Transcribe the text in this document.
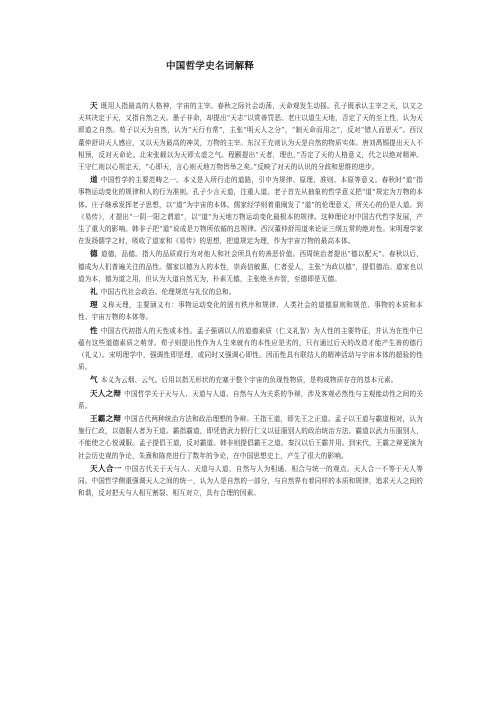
中国哲学史名词解释

天 既用人指最高的人格神，宇宙的主宰。春秋之际社会动荡，天命观发生动摇。孔子既承认主宰之天，以文之天其决定于天，又指自然之天。墨子非命，却提出“天志”以赏善罚恶。老庄以道生天地，否定了天的至上性，认为天即道之自然。荀子以天为自然，认为“天行有常”，主张“明天人之分”，“制天命而用之”，反对“错人而思天”。西汉董仲舒讲天人感应，又以天为最高的神灵，万物的主宰。东汉王充则认为天是自然的物质实体。唐刘禹锡提出天人不相预，反对天命论。北宋张载以为天即太虚之气。程颢提出“天者，理也，”否定了天的人格意义，代之以绝对精神。王守仁则以心规定天，“心即天，言心则天地万物皆举之矣。”反映了对天的认识的分歧和思维的进步。

道 中国哲学的主要范畴之一。本义是人所行走的道路，引申为规律、原理、准则、本原等意义。春秋时“道”指事物运动变化的规律和人的行为准则。孔子少言天道，注重人道。老子首先从抽象的哲学意义把“道”规定为万物的本体。庄子继承发挥老子思想，以“道”为宇宙的本体。儒家经学则着重阐发了“道”的伦理意义，所关心的仍是人道。到《易传》，才提出“一阴一阳之谓道”，以“道”为天地万物运动变化最根本的规律。这种理论对中国古代哲学发展，产生了重大的影响。韩非子把“道”说成是万物所依循的总规律。西汉董仲舒用道来论证三纲五常的绝对性。宋明理学家在发扬儒学之时，吸收了道家和《易传》的思想，把道规定为理，作为宇宙万物的最高本体。

德 道德，品德。指人的品质或行为对他人和社会所具有的善恶价值。西周统治者提出“德以配天”。春秋以后，德成为人们普遍关注的品性。儒家以德为人的本性，崇尚信敏惠，仁者爱人，主张“为政以德”，提倡德治。道家也以道为本，德为道之用，但认为大道自然无为，朴素无德，主张绝圣弃智，至德即是无德。

礼 中国古代社会政治、伦理规范与礼仪的总和。

理 义称天理，主要涵义有：事物运动变化的固有秩序和规律、人类社会的道德原则和规范、事物的本质和本性、宇宙万物的本体等。

性 中国古代初指人的天性或本性。孟子强调以人的道德素质（仁义礼智）为人性的主要特征，并认为在性中已蕴有这些道德素质之萌芽。荀子则提出性作为人生来就有的本性应是劣的，只有通过后天的改造才能产生善的德行（礼义）。宋明理学中，强调性即是理，或同时又强调心即性。因而性具有联结人的精神活动与宇宙本体的超验的性质。

气 本义为云烟、云气。后用以指无形状的充塞于整个宇宙的负现性物质，是构成物质存在的基本元素。

天人之辩 中国哲学关于天与人、天道与人道、自然与人为关系的争辩，涉及客观必然性与主观能动性之间的关系。

王霸之辩 中国古代两种统治方法和政治理想的争辩。王指王道，即先王之正道。孟子以王道与霸道相对，认为施行仁政，以德服人者为王道。霸指霸道，即凭借武力假行仁义以征服别人的政治统治方法。霸道以武力压服别人，不能使之心悦诚服。孟子提倡王道，反对霸道。韩非则提倡霸王之道。秦汉以后王霸并用。到宋代，王霸之辩更演为社会历史观的争论，朱熹和陈亮进行了数年的争论，在中国思想史上，产生了很大的影响。

天人合一 中国古代关于天与人、天道与人道、自然与人为相通、相合与统一的观点。天人合一不等于天人等同。中国哲学侧重强调天人之间的统一，认为人是自然的一部分，与自然界有着同样的本质和规律，追求天人之间的和谐，反对把天与人相互割裂、相互对立，具有合理的因素。
